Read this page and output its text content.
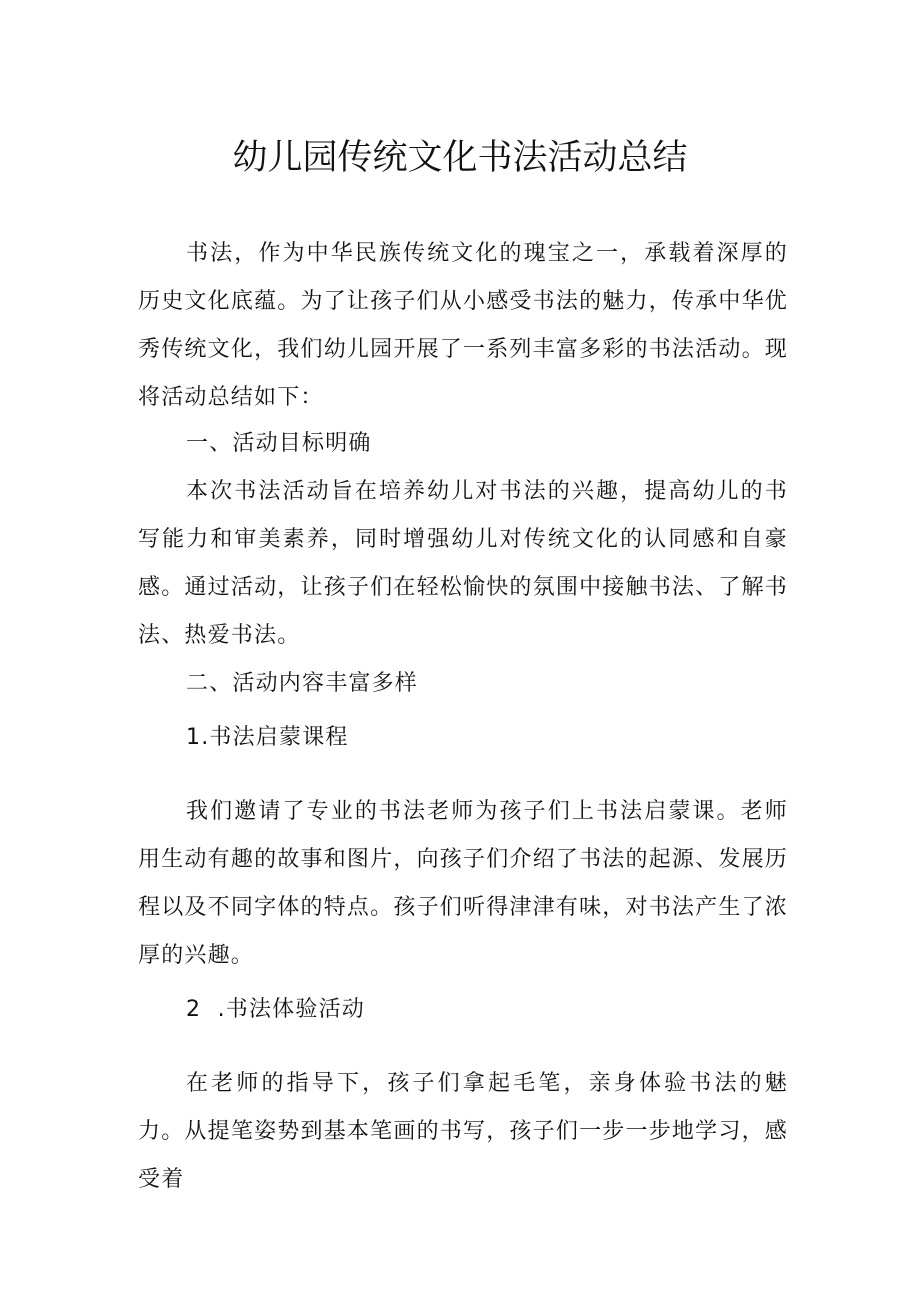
幼儿园传统文化书法活动总结

书法，作为中华民族传统文化的瑰宝之一，承载着深厚的历史文化底蕴。为了让孩子们从小感受书法的魅力，传承中华优秀传统文化，我们幼儿园开展了一系列丰富多彩的书法活动。现将活动总结如下：

一、活动目标明确

本次书法活动旨在培养幼儿对书法的兴趣，提高幼儿的书写能力和审美素养，同时增强幼儿对传统文化的认同感和自豪感。通过活动，让孩子们在轻松愉快的氛围中接触书法、了解书法、热爱书法。

二、活动内容丰富多样

1.书法启蒙课程

我们邀请了专业的书法老师为孩子们上书法启蒙课。老师用生动有趣的故事和图片，向孩子们介绍了书法的起源、发展历程以及不同字体的特点。孩子们听得津津有味，对书法产生了浓厚的兴趣。

2  .书法体验活动

在老师的指导下，孩子们拿起毛笔，亲身体验书法的魅力。从提笔姿势到基本笔画的书写，孩子们一步一步地学习，感受着
